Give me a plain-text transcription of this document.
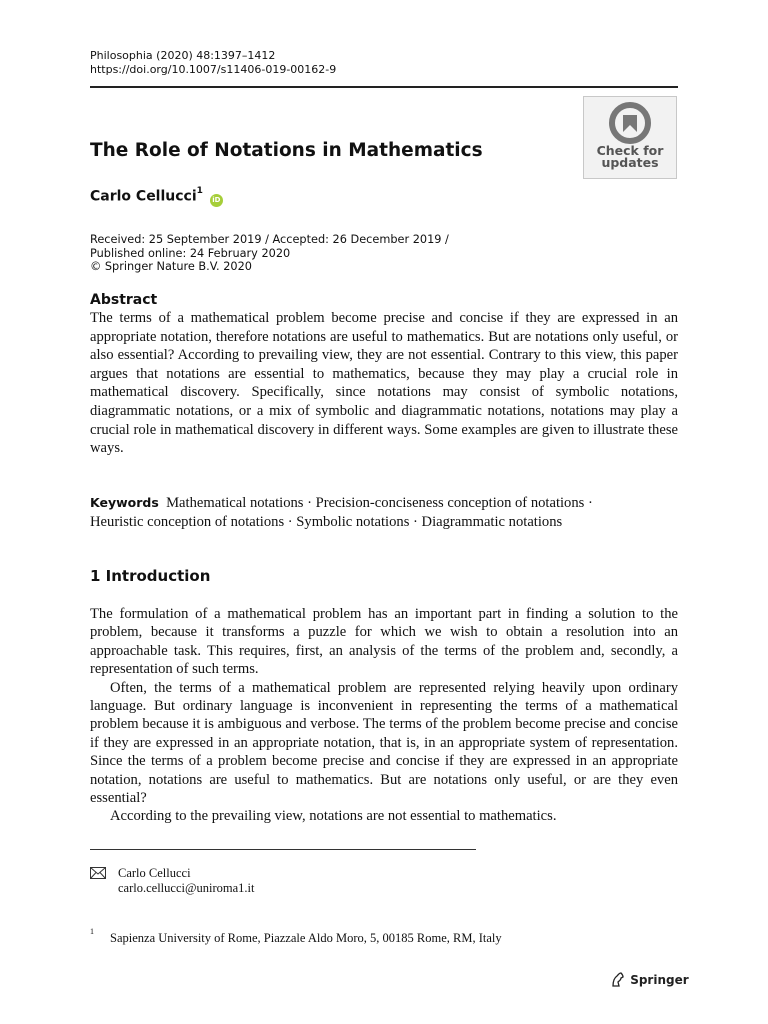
Philosophia (2020) 48:1397–1412
https://doi.org/10.1007/s11406-019-00162-9
Check for
updates
The Role of Notations in Mathematics
Carlo Cellucci$^1$ iD
Received: 25 September 2019 / Accepted: 26 December 2019 /
Published online: 24 February 2020
© Springer Nature B.V. 2020
Abstract
The terms of a mathematical problem become precise and concise if they are expressed in an appropriate notation, therefore notations are useful to mathematics. But are notations only useful, or also essential? According to prevailing view, they are not essential. Contrary to this view, this paper argues that notations are essential to mathematics, because they may play a crucial role in mathematical discovery. Specifically, since notations may consist of symbolic notations, diagrammatic notations, or a mix of symbolic and diagrammatic notations, notations may play a crucial role in mathematical discovery in different ways. Some examples are given to illustrate these ways.
Keywords Mathematical notations · Precision-conciseness conception of notations ·
Heuristic conception of notations · Symbolic notations · Diagrammatic notations
1 Introduction

The formulation of a mathematical problem has an important part in finding a solution to the problem, because it transforms a puzzle for which we wish to obtain a resolution into an approachable task. This requires, first, an analysis of the terms of the problem and, secondly, a representation of such terms.

Often, the terms of a mathematical problem are represented relying heavily upon ordinary language. But ordinary language is inconvenient in representing the terms of a mathematical problem because it is ambiguous and verbose. The terms of the problem become precise and concise if they are expressed in an appropriate notation, that is, in an appropriate system of representation. Since the terms of a problem become precise and concise if they are expressed in an appropriate notation, notations are useful to mathematics. But are notations only useful, or are they even essential?

According to the prevailing view, notations are not essential to mathematics.

Carlo Cellucci
carlo.cellucci@uniroma1.it
$^1$ Sapienza University of Rome, Piazzale Aldo Moro, 5, 00185 Rome, RM, Italy
Springer
